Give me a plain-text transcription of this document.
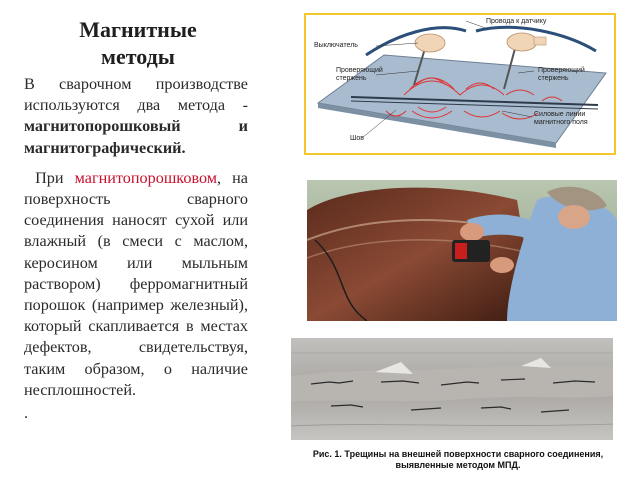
Магнитные
методы

В сварочном производстве используются два метода - магнитопорошковый и магнитографический.

При магнитопорошковом, на поверхность сварного соединения наносят сухой или влажный (в смеси с маслом, керосином или мыльным раствором) ферромагнитный порошок (например железный), который скапливается в местах дефектов, свидетельствуя, таким образом, о наличие несплошностей.

.

Провода к датчику
Выключатель
Проверяющий стержень
Проверяющий стержень
Силовые линии магнитного поля
Шов
Рис. 1. Трещины на внешней поверхности сварного соединения,
выявленные методом МПД.
